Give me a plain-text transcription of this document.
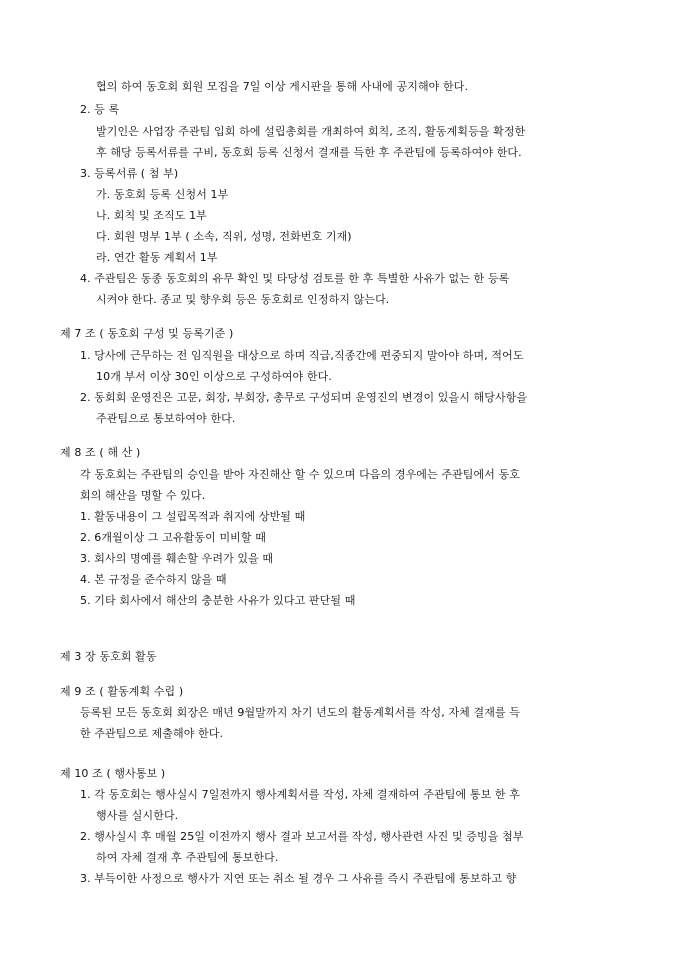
협의 하여 동호회 회원 모집을 7일 이상 게시판을 통해 사내에 공지해야 한다.
2. 등 록
발기인은 사업장 주관팀 입회 하에 설립총회를 개최하여 회칙, 조직, 활동계획등을 확정한
후 해당 등록서류를 구비, 동호회 등록 신청서 결재를 득한 후 주관팀에 등록하여야 한다.
3. 등록서류 ( 첨 부)
가. 동호회 등록 신청서 1부
나. 회칙 및 조직도 1부
다. 회원 명부 1부 ( 소속, 직위, 성명, 전화번호 기재)
라. 연간 활동 계획서 1부
4. 주관팀은 동종 동호회의 유무 확인 및 타당성 검토를 한 후 특별한 사유가 없는 한 등록
시켜야 한다. 종교 및 향우회 등은 동호회로 인정하지 않는다.
제 7 조 ( 동호회 구성 및 등록기준 )
1. 당사에 근무하는 전 임직원을 대상으로 하며 직급,직종간에 편중되지 말아야 하며, 적어도
10개 부서 이상 30인 이상으로 구성하여야 한다.
2. 동회회 운영진은 고문, 회장, 부회장, 총무로 구성되며 운영진의 변경이 있을시 해당사항을
주관팀으로 통보하여야 한다.
제 8 조 ( 해 산 )
각 동호회는 주관팀의 승인을 받아 자진해산 할 수 있으며 다음의 경우에는 주관팀에서 동호
회의 해산을 명할 수 있다.
1. 활동내용이 그 설립목적과 취지에 상반될 때
2. 6개월이상 그 고유활동이 미비할 때
3. 회사의 명예를 훼손할 우려가 있을 때
4. 본 규정을 준수하지 않을 때
5. 기타 회사에서 해산의 충분한 사유가 있다고 판단될 때
제 3 장 동호회 활동
제 9 조 ( 활동계획 수립 )
등록된 모든 동호회 회장은 매년 9월말까지 차기 년도의 활동계획서를 작성, 자체 결재를 득
한 주관팀으로 제출해야 한다.
제 10 조 ( 행사통보 )
1. 각 동호회는 행사실시 7일전까지 행사계획서를 작성, 자체 결재하여 주관팀에 통보 한 후
행사를 실시한다.
2. 행사실시 후 매월 25일 이전까지 행사 결과 보고서를 작성, 행사관련 사진 및 증빙을 첨부
하여 자체 결재 후 주관팀에 통보한다.
3. 부득이한 사정으로 행사가 지연 또는 취소 될 경우 그 사유를 즉시 주관팀에 통보하고 향
